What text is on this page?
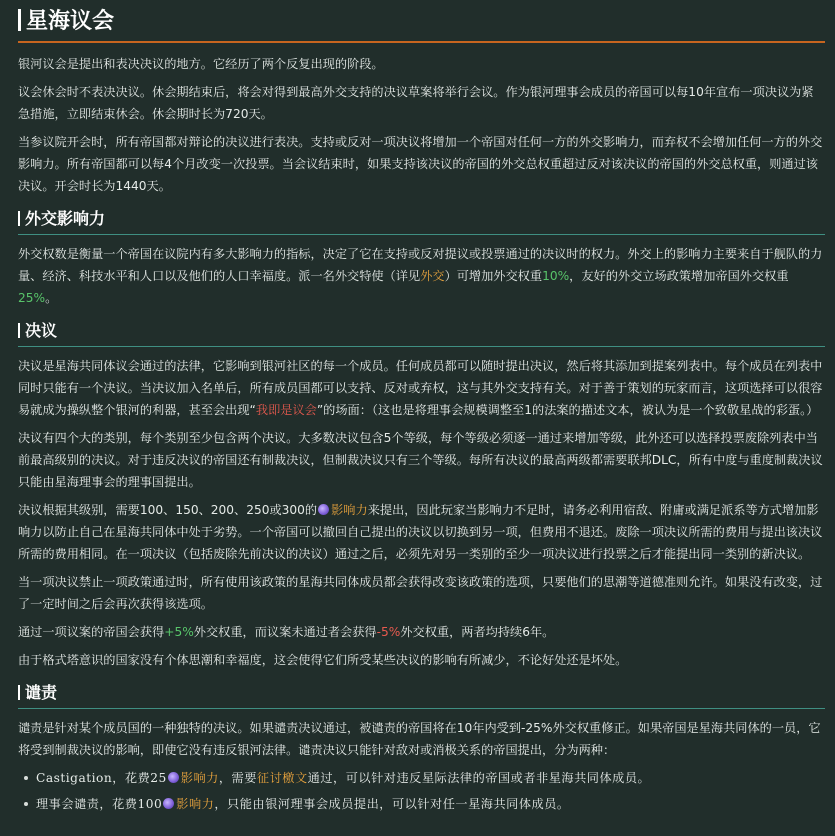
星海议会

银河议会是提出和表决决议的地方。它经历了两个反复出现的阶段。

议会休会时不表决决议。休会期结束后，将会对得到最高外交支持的决议草案将举行会议。作为银河理事会成员的帝国可以每10年宣布一项决议为紧急措施，立即结束休会。休会期时长为720天。

当参议院开会时，所有帝国都对辩论的决议进行表决。支持或反对一项决议将增加一个帝国对任何一方的外交影响力，而弃权不会增加任何一方的外交影响力。所有帝国都可以每4个月改变一次投票。当会议结束时，如果支持该决议的帝国的外交总权重超过反对该决议的帝国的外交总权重，则通过该决议。开会时长为1440天。

外交影响力

外交权数是衡量一个帝国在议院内有多大影响力的指标，决定了它在支持或反对提议或投票通过的决议时的权力。外交上的影响力主要来自于舰队的力量、经济、科技水平和人口以及他们的人口幸福度。派一名外交特使（详见外交）可增加外交权重10%，友好的外交立场政策增加帝国外交权重25%。

决议

决议是星海共同体议会通过的法律，它影响到银河社区的每一个成员。任何成员都可以随时提出决议，然后将其添加到提案列表中。每个成员在列表中同时只能有一个决议。当决议加入名单后，所有成员国都可以支持、反对或弃权，这与其外交支持有关。对于善于策划的玩家而言，这项选择可以很容易就成为操纵整个银河的利器，甚至会出现“我即是议会”的场面：（这也是将理事会规模调整至1的法案的描述文本，被认为是一个致敬星战的彩蛋。）

决议有四个大的类别，每个类别至少包含两个决议。大多数决议包含5个等级，每个等级必须逐一通过来增加等级，此外还可以选择投票废除列表中当前最高级别的决议。对于违反决议的帝国还有制裁决议，但制裁决议只有三个等级。每所有决议的最高两级都需要联邦DLC，所有中度与重度制裁决议只能由星海理事会的理事国提出。

决议根据其级别，需要100、150、200、250或300的 影响力来提出，因此玩家当影响力不足时，请务必利用宿敌、附庸或满足派系等方式增加影响力以防止自己在星海共同体中处于劣势。一个帝国可以撤回自己提出的决议以切换到另一项，但费用不退还。废除一项决议所需的费用与提出该决议所需的费用相同。在一项决议（包括废除先前决议的决议）通过之后，必须先对另一类别的至少一项决议进行投票之后才能提出同一类别的新决议。

当一项决议禁止一项政策通过时，所有使用该政策的星海共同体成员都会获得改变该政策的选项，只要他们的思潮等道德准则允许。如果没有改变，过了一定时间之后会再次获得该选项。

通过一项议案的帝国会获得+5%外交权重，而议案未通过者会获得-5%外交权重，两者均持续6年。

由于格式塔意识的国家没有个体思潮和幸福度，这会使得它们所受某些决议的影响有所减少，不论好处还是坏处。

谴责

谴责是针对某个成员国的一种独特的决议。如果谴责决议通过，被谴责的帝国将在10年内受到-25%外交权重修正。如果帝国是星海共同体的一员，它将受到制裁决议的影响，即使它没有违反银河法律。谴责决议只能针对敌对或消极关系的帝国提出，分为两种：

Castigation，花费25 影响力，需要征讨檄文通过，可以针对违反星际法律的帝国或者非星海共同体成员。
理事会谴责，花费100 影响力，只能由银河理事会成员提出，可以针对任一星海共同体成员。
